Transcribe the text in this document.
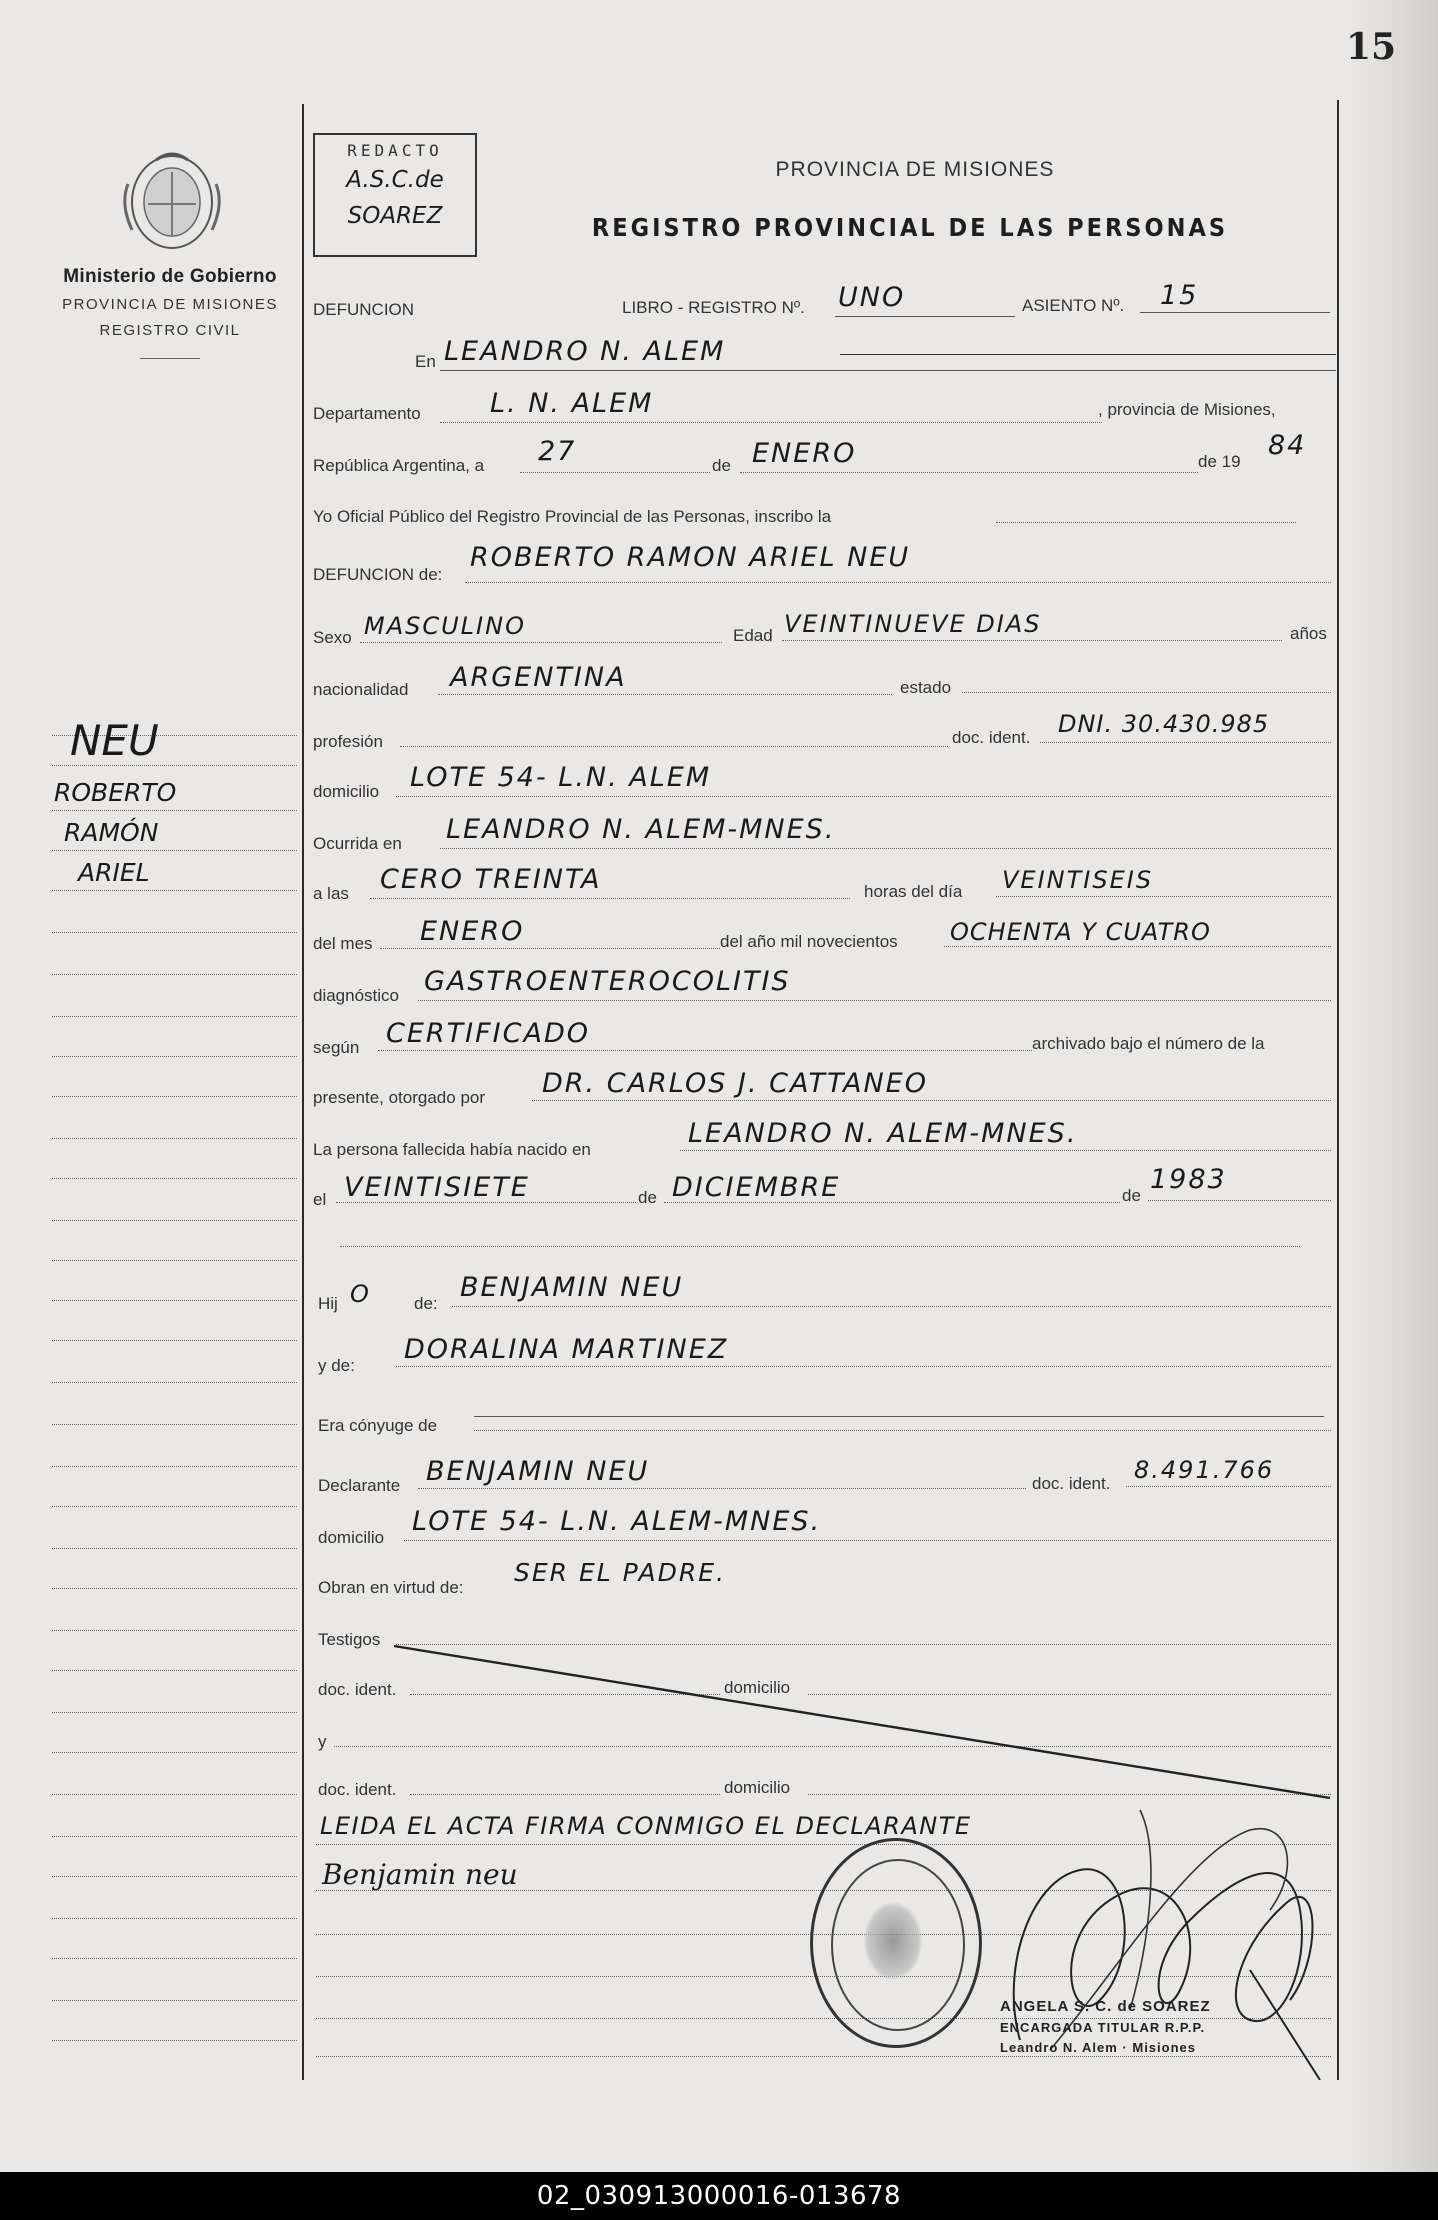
15
Ministerio de Gobierno
PROVINCIA DE MISIONES
REGISTRO CIVIL
REDACTO
A.S.C.de
SOAREZ
PROVINCIA DE MISIONES
REGISTRO PROVINCIAL DE LAS PERSONAS
NEU
ROBERTO
RAMÓN
ARIEL
DEFUNCION	LIBRO - REGISTRO Nº. UNO	ASIENTO Nº. 15
En LEANDRO N. ALEM
Departamento	L. N. ALEM	, provincia de Misiones,
República Argentina, a 27	de ENERO	de 19
84
Yo Oficial Público del Registro Provincial de las Personas, inscribo la
DEFUNCION de:
ROBERTO RAMON ARIEL NEU
Sexo MASCULINO	Edad VEINTINUEVE DIAS	años
nacionalidad ARGENTINA	estado
profesión	doc. ident. DNI. 30.430.985
domicilio LOTE 54- L.N. ALEM
Ocurrida en LEANDRO N. ALEM-MNES.
a las CERO TREINTA	horas del día VEINTISEIS
del mes ENERO	del año mil novecientos OCHENTA Y CUATRO
diagnóstico GASTROENTEROCOLITIS
según CERTIFICADO	archivado bajo el número de la
presente, otorgado por DR. CARLOS J. CATTANEO
La persona fallecida había nacido en
LEANDRO N. ALEM-MNES.
el VEINTISIETE	de DICIEMBRE	de
1983
Hij O	de:
BENJAMIN NEU
y de:
DORALINA MARTINEZ
Era cónyuge de
Declarante BENJAMIN NEU	doc. ident. 8.491.766
domicilio
LOTE 54- L.N. ALEM-MNES.
Obran en virtud de:
SER EL PADRE.
Testigos
doc. ident.	domicilio
y
doc. ident.	domicilio
LEIDA EL ACTA FIRMA CONMIGO EL DECLARANTE
Benjamin neu
ANGELA S. C. de SOAREZ
ENCARGADA TITULAR R.P.P.
Leandro N. Alem · Misiones
02_030913000016-013678
